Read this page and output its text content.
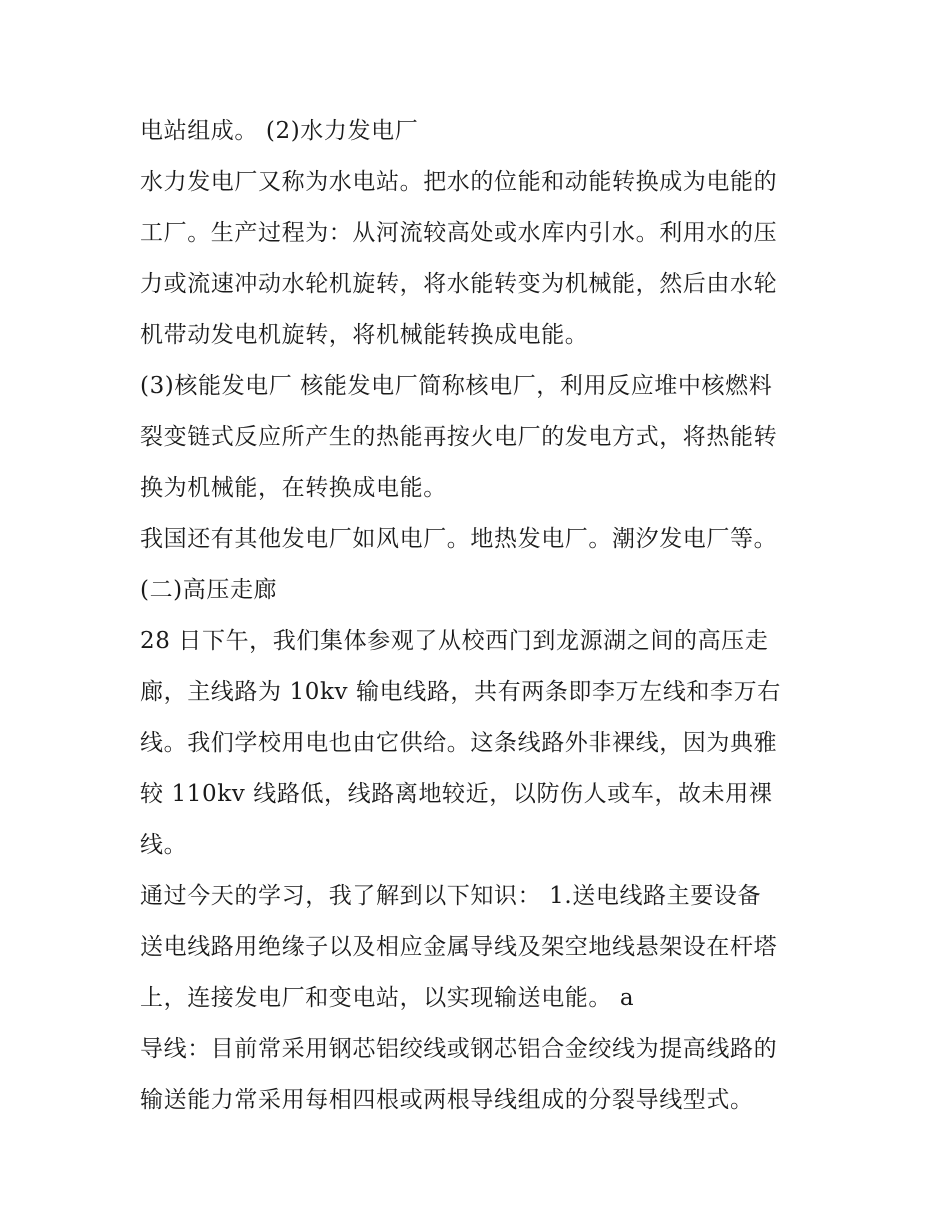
电站组成。 (2)水力发电厂
水力发电厂又称为水电站。把水的位能和动能转换成为电能的
工厂。生产过程为：从河流较高处或水库内引水。利用水的压
力或流速冲动水轮机旋转，将水能转变为机械能，然后由水轮
机带动发电机旋转，将机械能转换成电能。
(3)核能发电厂 核能发电厂简称核电厂，利用反应堆中核燃料
裂变链式反应所产生的热能再按火电厂的发电方式，将热能转
换为机械能，在转换成电能。
我国还有其他发电厂如风电厂。地热发电厂。潮汐发电厂等。
(二)高压走廊
28 日下午，我们集体参观了从校西门到龙源湖之间的高压走
廊，主线路为 10kv 输电线路，共有两条即李万左线和李万右
线。我们学校用电也由它供给。这条线路外非裸线，因为典雅
较 110kv 线路低，线路离地较近，以防伤人或车，故未用裸
线。
通过今天的学习，我了解到以下知识： 1.送电线路主要设备
送电线路用绝缘子以及相应金属导线及架空地线悬架设在杆塔
上，连接发电厂和变电站，以实现输送电能。 a
导线：目前常采用钢芯铝绞线或钢芯铝合金绞线为提高线路的
输送能力常采用每相四根或两根导线组成的分裂导线型式。
